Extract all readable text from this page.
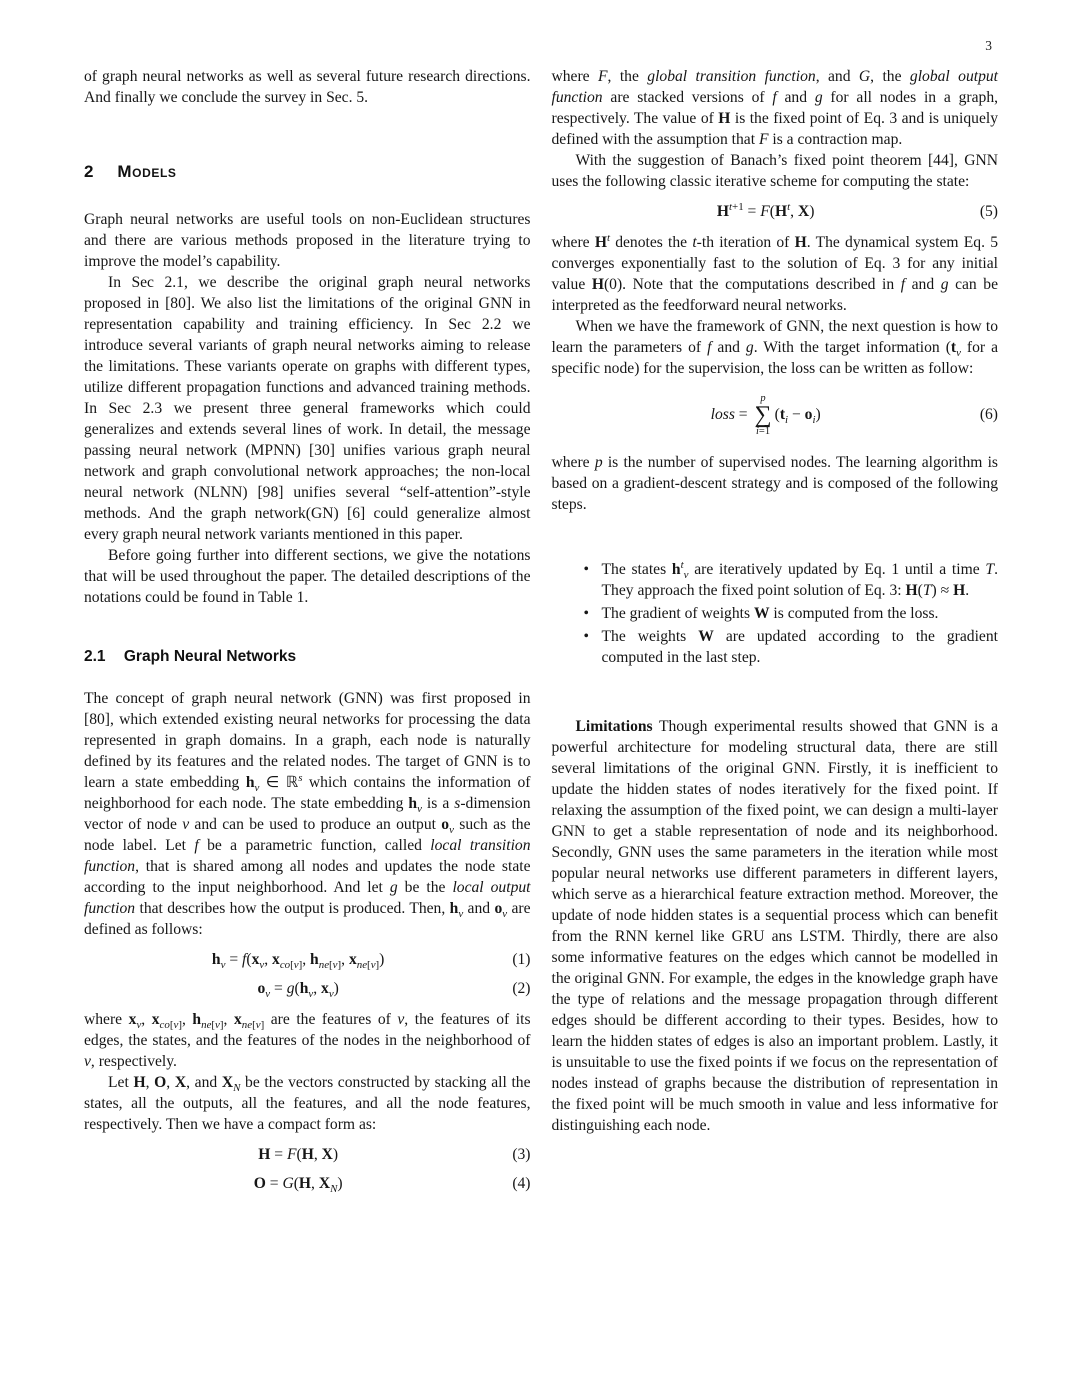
3

of graph neural networks as well as several future research directions. And finally we conclude the survey in Sec. 5.

2 Models

Graph neural networks are useful tools on non-Euclidean structures and there are various methods proposed in the literature trying to improve the model’s capability.

In Sec 2.1, we describe the original graph neural networks proposed in [80]. We also list the limitations of the original GNN in representation capability and training efficiency. In Sec 2.2 we introduce several variants of graph neural networks aiming to release the limitations. These variants operate on graphs with different types, utilize different propagation functions and advanced training methods. In Sec 2.3 we present three general frameworks which could generalizes and extends several lines of work. In detail, the message passing neural network (MPNN) [30] unifies various graph neural network and graph convolutional network approaches; the non-local neural network (NLNN) [98] unifies several “self-attention”-style methods. And the graph network(GN) [6] could generalize almost every graph neural network variants mentioned in this paper.

Before going further into different sections, we give the notations that will be used throughout the paper. The detailed descriptions of the notations could be found in Table 1.

2.1 Graph Neural Networks

The concept of graph neural network (GNN) was first proposed in [80], which extended existing neural networks for processing the data represented in graph domains. In a graph, each node is naturally defined by its features and the related nodes. The target of GNN is to learn a state embedding $h_v$ ∈ ℝ$^s$ which contains the information of neighborhood for each node. The state embedding $h_v$ is a s-dimension vector of node v and can be used to produce an output $o_v$ such as the node label. Let f be a parametric function, called local transition function, that is shared among all nodes and updates the node state according to the input neighborhood. And let g be the local output function that describes how the output is produced. Then, $h_v$ and $o_v$ are defined as follows:

$h_v = f(x_v$, $x_{co[v]}$, $h_{ne[v]}$, $x_{ne[v]}$)	(1)
$o_v = g(h_v$, $x_v$)	(2)

where $x_v$, $x_{co[v]}$, $h_{ne[v]}$, $x_{ne[v]}$ are the features of v, the features of its edges, the states, and the features of the nodes in the neighborhood of v, respectively.

Let H, O, X, and $X_N$ be the vectors constructed by stacking all the states, all the outputs, all the features, and all the node features, respectively. Then we have a compact form as:

H = F(H, X)	(3)
O = G(H, $X_N$)	(4)

where F, the global transition function, and G, the global output function are stacked versions of f and g for all nodes in a graph, respectively. The value of H is the fixed point of Eq. 3 and is uniquely defined with the assumption that F is a contraction map.

With the suggestion of Banach’s fixed point theorem [44], GNN uses the following classic iterative scheme for computing the state:

$H^{t+1} = F(H^t$, X)	(5)

where $H^t$ denotes the t-th iteration of H. The dynamical system Eq. 5 converges exponentially fast to the solution of Eq. 3 for any initial value H(0). Note that the computations described in f and g can be interpreted as the feedforward neural networks.

When we have the framework of GNN, the next question is how to learn the parameters of f and g. With the target information ($t_v$ for a specific node) for the supervision, the loss can be written as follow:

loss =
p
∑
i=1
$(t_i - o_i)$	(6)

where p is the number of supervised nodes. The learning algorithm is based on a gradient-descent strategy and is composed of the following steps.

• The states $h^t_v$ are iteratively updated by Eq. 1 until a time T. They approach the fixed point solution of Eq. 3: H(T) ≈ H.
• The gradient of weights W is computed from the loss.
• The weights W are updated according to the gradient computed in the last step.

Limitations Though experimental results showed that GNN is a powerful architecture for modeling structural data, there are still several limitations of the original GNN. Firstly, it is inefficient to update the hidden states of nodes iteratively for the fixed point. If relaxing the assumption of the fixed point, we can design a multi-layer GNN to get a stable representation of node and its neighborhood. Secondly, GNN uses the same parameters in the iteration while most popular neural networks use different parameters in different layers, which serve as a hierarchical feature extraction method. Moreover, the update of node hidden states is a sequential process which can benefit from the RNN kernel like GRU ans LSTM. Thirdly, there are also some informative features on the edges which cannot be modelled in the original GNN. For example, the edges in the knowledge graph have the type of relations and the message propagation through different edges should be different according to their types. Besides, how to learn the hidden states of edges is also an important problem. Lastly, it is unsuitable to use the fixed points if we focus on the representation of nodes instead of graphs because the distribution of representation in the fixed point will be much smooth in value and less informative for distinguishing each node.
